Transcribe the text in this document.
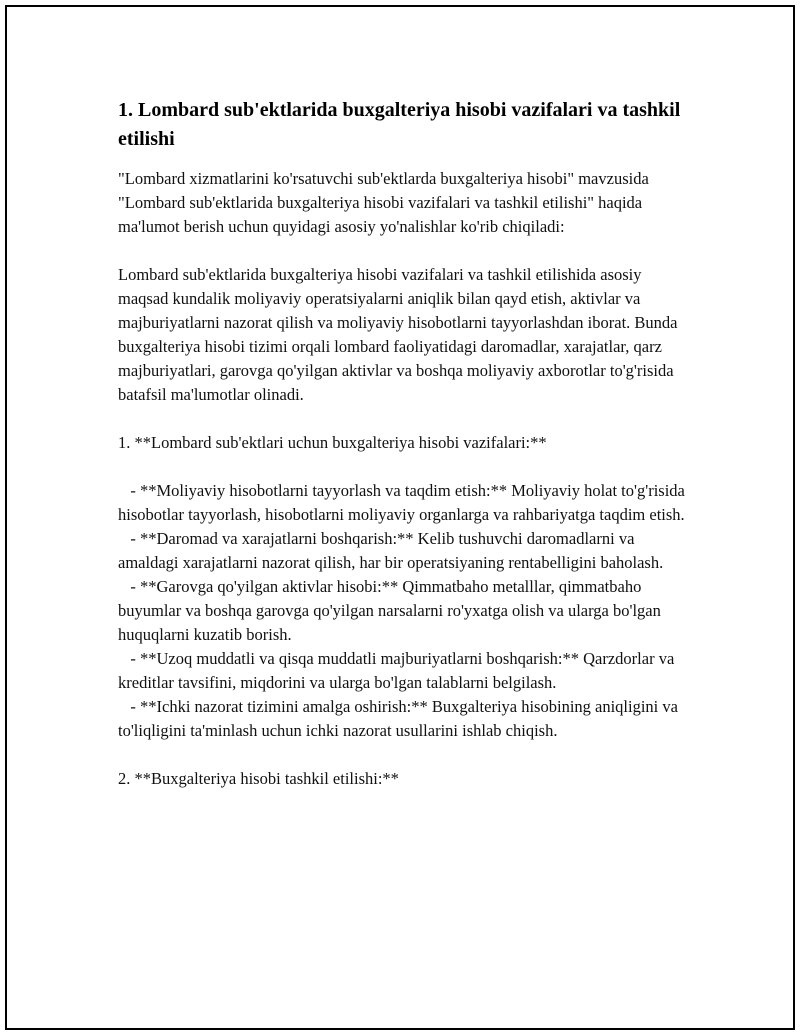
1. Lombard sub'ektlarida buxgalteriya hisobi vazifalari va tashkil etilishi

"Lombard xizmatlarini ko'rsatuvchi sub'ektlarda buxgalteriya hisobi" mavzusida "Lombard sub'ektlarida buxgalteriya hisobi vazifalari va tashkil etilishi" haqida ma'lumot berish uchun quyidagi asosiy yo'nalishlar ko'rib chiqiladi:

Lombard sub'ektlarida buxgalteriya hisobi vazifalari va tashkil etilishida asosiy maqsad kundalik moliyaviy operatsiyalarni aniqlik bilan qayd etish, aktivlar va majburiyatlarni nazorat qilish va moliyaviy hisobotlarni tayyorlashdan iborat. Bunda buxgalteriya hisobi tizimi orqali lombard faoliyatidagi daromadlar, xarajatlar, qarz majburiyatlari, garovga qo'yilgan aktivlar va boshqa moliyaviy axborotlar to'g'risida batafsil ma'lumotlar olinadi.

1. **Lombard sub'ektlari uchun buxgalteriya hisobi vazifalari:**

- **Moliyaviy hisobotlarni tayyorlash va taqdim etish:** Moliyaviy holat to'g'risida hisobotlar tayyorlash, hisobotlarni moliyaviy organlarga va rahbariyatga taqdim etish.

- **Daromad va xarajatlarni boshqarish:** Kelib tushuvchi daromadlarni va amaldagi xarajatlarni nazorat qilish, har bir operatsiyaning rentabelligini baholash.

- **Garovga qo'yilgan aktivlar hisobi:** Qimmatbaho metalllar, qimmatbaho buyumlar va boshqa garovga qo'yilgan narsalarni ro'yxatga olish va ularga bo'lgan huquqlarni kuzatib borish.

- **Uzoq muddatli va qisqa muddatli majburiyatlarni boshqarish:** Qarzdorlar va kreditlar tavsifini, miqdorini va ularga bo'lgan talablarni belgilash.

- **Ichki nazorat tizimini amalga oshirish:** Buxgalteriya hisobining aniqligini va to'liqligini ta'minlash uchun ichki nazorat usullarini ishlab chiqish.

2. **Buxgalteriya hisobi tashkil etilishi:**
